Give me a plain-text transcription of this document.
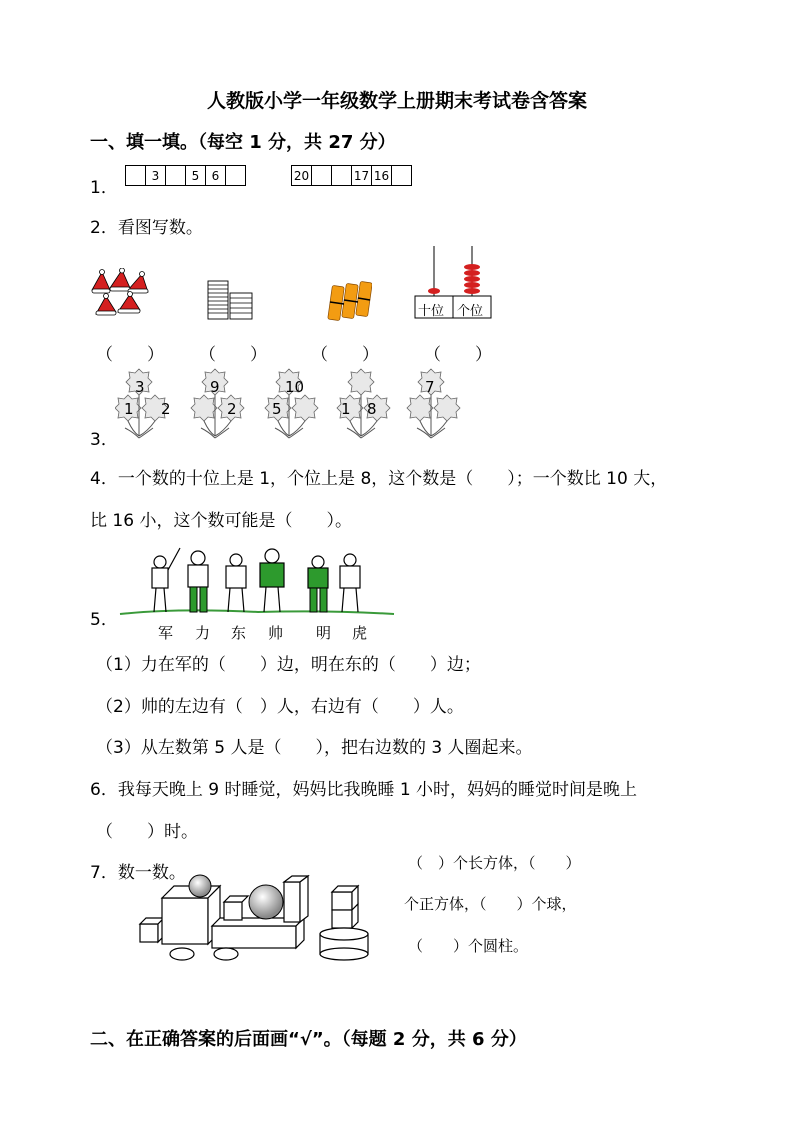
人教版小学一年级数学上册期末考试卷含答案
一、填一填。（每空 1 分，共 27 分）
1．
3	5	6	20	17 16
2．看图写数。
十位 个位
（　　） （　　）	（　　）	（　　）
3．
3
1 2
9
2
10
5	1 8
7
4．一个数的十位上是 1，个位上是 8，这个数是（　　）；一个数比 10 大，
比 16 小，这个数可能是（　　）。
5．
军 力 东 帅 明 虎
（1）力在军的（　　）边，明在东的（　　）边；
（2）帅的左边有（　）人，右边有（　　）人。
（3）从左数第 5 人是（　　），把右边数的 3 人圈起来。
6．我每天晚上 9 时睡觉，妈妈比我晚睡 1 小时，妈妈的睡觉时间是晚上
（　　）时。
7．数一数。	（　）个长方体，（　　）
个正方体，（　　）个球，
（　　）个圆柱。
二、在正确答案的后面画“√”。（每题 2 分，共 6 分）
